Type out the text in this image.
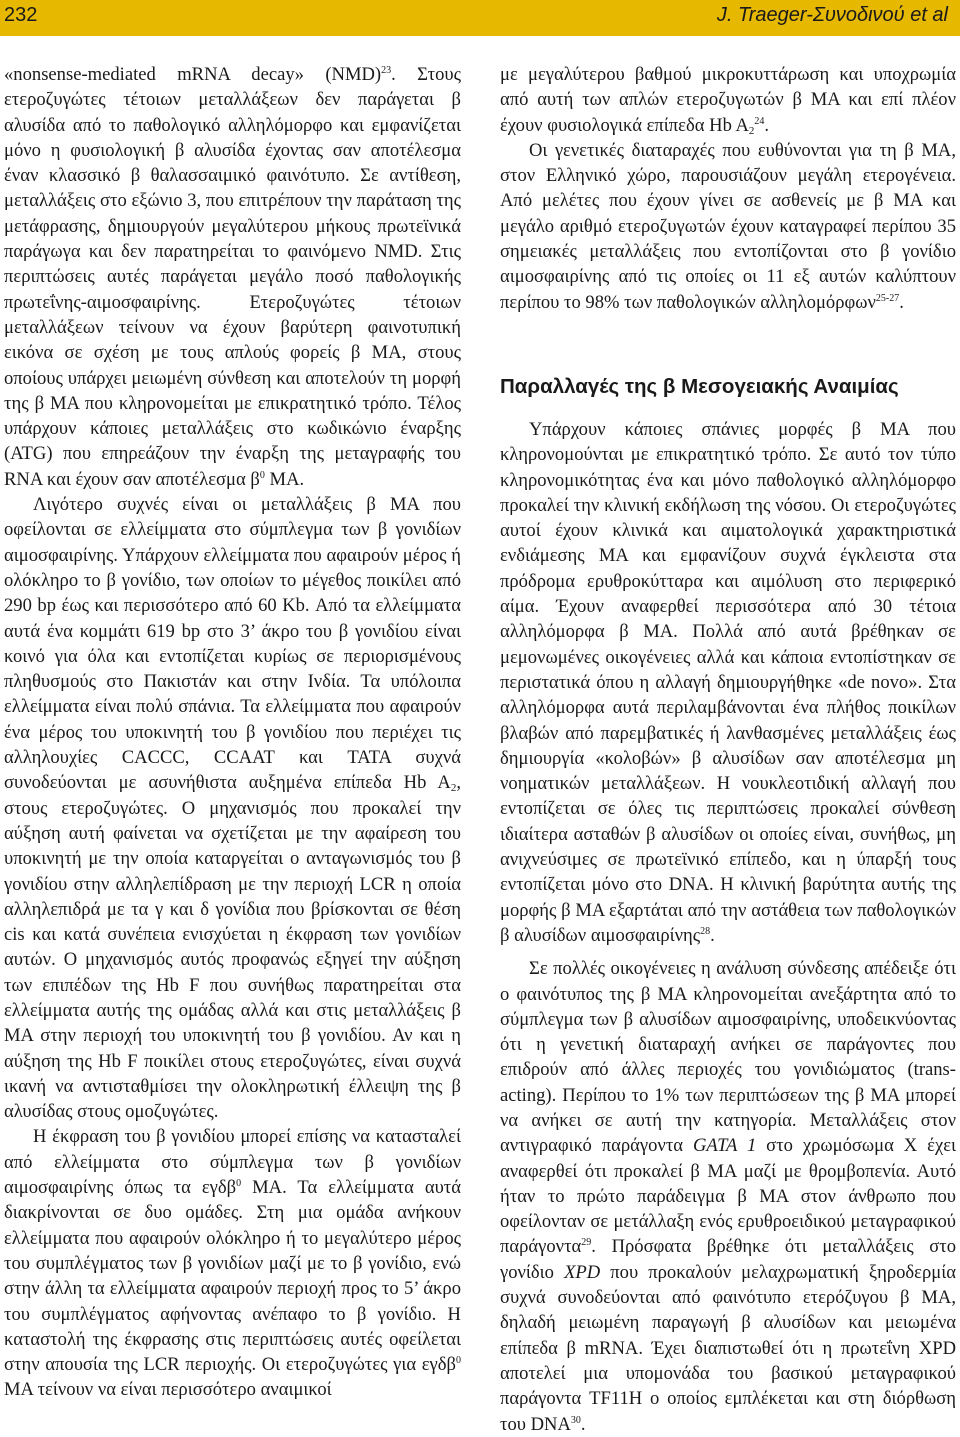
232	J. Traeger-Συνοδινού et al

«nonsense-mediated mRNA decay» (NMD)$^{23}$. Στους ετεροζυγώτες τέτοιων μεταλλάξεων δεν παράγεται β αλυσίδα από το παθολογικό αλληλόμορφο και εμφανίζεται μόνο η φυσιολογική β αλυσίδα έχοντας σαν αποτέλεσμα έναν κλασσικό β θαλασσαιμικό φαινότυπο. Σε αντίθεση, μεταλλάξεις στο εξώνιο 3, που επιτρέπουν την παράταση της μετάφρασης, δημιουργούν μεγαλύτερου μήκους πρωτεϊνικά παράγωγα και δεν παρατηρείται το φαινόμενο NMD. Στις περιπτώσεις αυτές παράγεται μεγάλο ποσό παθολογικής πρωτεΐνης-αιμοσφαιρίνης. Ετεροζυγώτες τέτοιων μεταλλάξεων τείνουν να έχουν βαρύτερη φαινοτυπική εικόνα σε σχέση με τους απλούς φορείς β ΜΑ, στους οποίους υπάρχει μειωμένη σύνθεση και αποτελούν τη μορφή της β ΜΑ που κληρονομείται με επικρατητικό τρόπο. Τέλος υπάρχουν κάποιες μεταλλάξεις στο κωδικώνιο έναρξης (ATG) που επηρεάζουν την έναρξη της μεταγραφής του RNA και έχουν σαν αποτέλεσμα $\beta^0$ ΜΑ.

Λιγότερο συχνές είναι οι μεταλλάξεις β ΜΑ που οφείλονται σε ελλείμματα στο σύμπλεγμα των β γονιδίων αιμοσφαιρίνης. Υπάρχουν ελλείμματα που αφαιρούν μέρος ή ολόκληρο το β γονίδιο, των οποίων το μέγεθος ποικίλει από 290 bp έως και περισσότερο από 60 Kb. Από τα ελλείμματα αυτά ένα κομμάτι 619 bp στο 3’ άκρο του β γονιδίου είναι κοινό για όλα και εντοπίζεται κυρίως σε περιορισμένους πληθυσμούς στο Πακιστάν και στην Ινδία. Τα υπόλοιπα ελλείμματα είναι πολύ σπάνια. Τα ελλείμματα που αφαιρούν ένα μέρος του υποκινητή του β γονιδίου που περιέχει τις αλληλουχίες CACCC, CCAAT και TATA συχνά συνοδεύονται με ασυνήθιστα αυξημένα επίπεδα Hb $A_2$, στους ετεροζυγώτες. Ο μηχανισμός που προκαλεί την αύξηση αυτή φαίνεται να σχετίζεται με την αφαίρεση του υποκινητή με την οποία καταργείται ο ανταγωνισμός του β γονιδίου στην αλληλεπίδραση με την περιοχή LCR η οποία αλληλεπιδρά με τα γ και δ γονίδια που βρίσκονται σε θέση cis και κατά συνέπεια ενισχύεται η έκφραση των γονιδίων αυτών. Ο μηχανισμός αυτός προφανώς εξηγεί την αύξηση των επιπέδων της Hb F που συνήθως παρατηρείται στα ελλείμματα αυτής της ομάδας αλλά και στις μεταλλάξεις β ΜΑ στην περιοχή του υποκινητή του β γονιδίου. Αν και η αύξηση της Hb F ποικίλει στους ετεροζυγώτες, είναι συχνά ικανή να αντισταθμίσει την ολοκληρωτική έλλειψη της β αλυσίδας στους ομοζυγώτες.

Η έκφραση του β γονιδίου μπορεί επίσης να κατασταλεί από ελλείμματα στο σύμπλεγμα των β γονιδίων αιμοσφαιρίνης όπως τα εγδβ$^0$ ΜΑ. Τα ελλείμματα αυτά διακρίνονται σε δυο ομάδες. Στη μια ομάδα ανήκουν ελλείμματα που αφαιρούν ολόκληρο ή το μεγαλύτερο μέρος του συμπλέγματος των β γονιδίων μαζί με το β γονίδιο, ενώ στην άλλη τα ελλείμματα αφαιρούν περιοχή προς το 5’ άκρο του συμπλέγματος αφήνοντας ανέπαφο το β γονίδιο. Η καταστολή της έκφρασης στις περιπτώσεις αυτές οφείλεται στην απουσία της LCR περιοχής. Οι ετεροζυγώτες για εγδβ$^0$ ΜΑ τείνουν να είναι περισσότερο αναιμικοί

με μεγαλύτερου βαθμού μικροκυττάρωση και υποχρωμία από αυτή των απλών ετεροζυγωτών β ΜΑ και επί πλέον έχουν φυσιολογικά επίπεδα Hb $A_2^{24}$.

Οι γενετικές διαταραχές που ευθύνονται για τη β ΜΑ, στον Ελληνικό χώρο, παρουσιάζουν μεγάλη ετερογένεια. Από μελέτες που έχουν γίνει σε ασθενείς με β ΜΑ και μεγάλο αριθμό ετεροζυγωτών έχουν καταγραφεί περίπου 35 σημειακές μεταλλάξεις που εντοπίζονται στο β γονίδιο αιμοσφαιρίνης από τις οποίες οι 11 εξ αυτών καλύπτουν περίπου το 98% των παθολογικών αλληλομόρφων$^{25-27}$.

Παραλλαγές της β Μεσογειακής Αναιμίας

Υπάρχουν κάποιες σπάνιες μορφές β ΜΑ που κληρονομούνται με επικρατητικό τρόπο. Σε αυτό τον τύπο κληρονομικότητας ένα και μόνο παθολογικό αλληλόμορφο προκαλεί την κλινική εκδήλωση της νόσου. Οι ετεροζυγώτες αυτοί έχουν κλινικά και αιματολογικά χαρακτηριστικά ενδιάμεσης ΜΑ και εμφανίζουν συχνά έγκλειστα στα πρόδρομα ερυθροκύτταρα και αιμόλυση στο περιφερικό αίμα. Έχουν αναφερθεί περισσότερα από 30 τέτοια αλληλόμορφα β ΜΑ. Πολλά από αυτά βρέθηκαν σε μεμονωμένες οικογένειες αλλά και κάποια εντοπίστηκαν σε περιστατικά όπου η αλλαγή δημιουργήθηκε «de novo». Στα αλληλόμορφα αυτά περιλαμβάνονται ένα πλήθος ποικίλων βλαβών από παρεμβατικές ή λανθασμένες μεταλλάξεις έως δημιουργία «κολοβών» β αλυσίδων σαν αποτέλεσμα μη νοηματικών μεταλλάξεων. Η νουκλεοτιδική αλλαγή που εντοπίζεται σε όλες τις περιπτώσεις προκαλεί σύνθεση ιδιαίτερα ασταθών β αλυσίδων οι οποίες είναι, συνήθως, μη ανιχνεύσιμες σε πρωτεϊνικό επίπεδο, και η ύπαρξή τους εντοπίζεται μόνο στο DNA. Η κλινική βαρύτητα αυτής της μορφής β ΜΑ εξαρτάται από την αστάθεια των παθολογικών β αλυσίδων αιμοσφαιρίνης$^{28}$.

Σε πολλές οικογένειες η ανάλυση σύνδεσης απέδειξε ότι ο φαινότυπος της β ΜΑ κληρονομείται ανεξάρτητα από το σύμπλεγμα των β αλυσίδων αιμοσφαιρίνης, υποδεικνύοντας ότι η γενετική διαταραχή ανήκει σε παράγοντες που επιδρούν από άλλες περιοχές του γονιδιώματος (trans-acting). Περίπου το 1% των περιπτώσεων της β ΜΑ μπορεί να ανήκει σε αυτή την κατηγορία. Μεταλλάξεις στον αντιγραφικό παράγοντα GATA 1 στο χρωμόσωμα X έχει αναφερθεί ότι προκαλεί β ΜΑ μαζί με θρομβοπενία. Αυτό ήταν το πρώτο παράδειγμα β ΜΑ στον άνθρωπο που οφείλονταν σε μετάλλαξη ενός ερυθροειδικού μεταγραφικού παράγοντα$^{29}$. Πρόσφατα βρέθηκε ότι μεταλλάξεις στο γονίδιο XPD που προκαλούν μελαχρωματική ξηροδερμία συχνά συνοδεύονται από φαινότυπο ετερόζυγου β ΜΑ, δηλαδή μειωμένη παραγωγή β αλυσίδων και μειωμένα επίπεδα β mRNA. Έχει διαπιστωθεί ότι η πρωτεΐνη XPD αποτελεί μια υπομονάδα του βασικού μεταγραφικού παράγοντα TF11H ο οποίος εμπλέκεται και στη διόρθωση του DNA$^{30}$.
